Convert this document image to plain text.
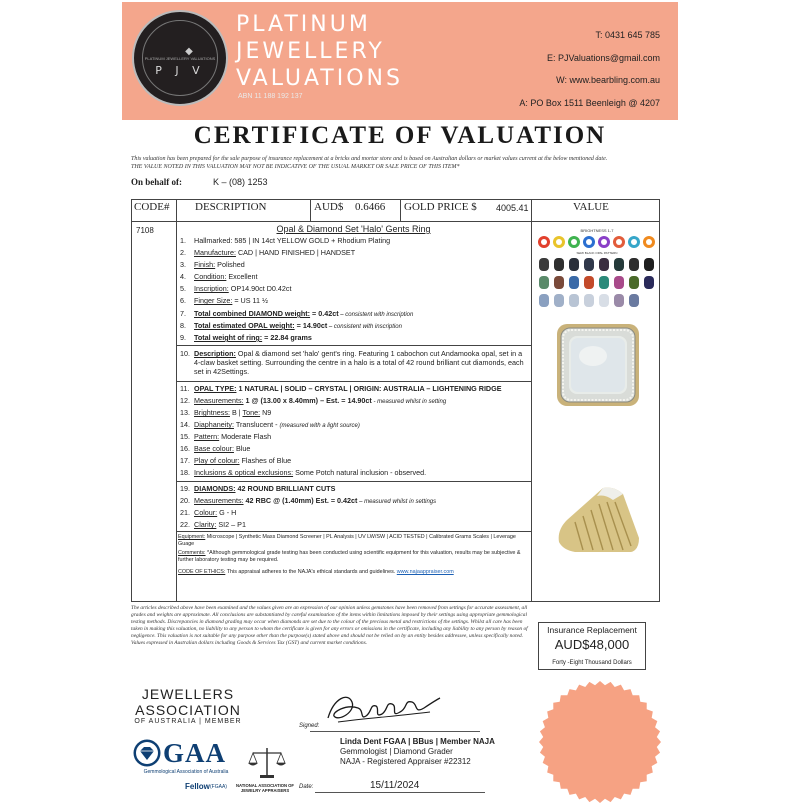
◆
PLATINUM JEWELLERY VALUATIONS
P J V
PLATINUM
JEWELLERY
VALUATIONS
ABN 11 188 192 137
T: 0431 645 785
E: PJValuations@gmail.com
W: www.bearbling.com.au
A: PO Box 1511 Beenleigh @ 4207
CERTIFICATE OF VALUATION
This valuation has been prepared for the sale purpose of insurance replacement at a bricks and mortar store and is based on Australian dollars or market values current at the below mentioned date.
THE VALUE NOTED IN THIS VALUATION MAY NOT BE INDICATIVE OF THE USUAL MARKET OR SALE PRICE OF THIS ITEM*
On behalf of:	K – (08) 1253
CODE# DESCRIPTION	AUD$ 0.6466 GOLD PRICE $ 4005.41	VALUE
7108	Opal & Diamond Set 'Halo' Gents Ring
1. Hallmarked: 585 | IN 14ct YELLOW GOLD + Rhodium Plating
2. Manufacture: CAD | HAND FINISHED | HANDSET
3. Finish: Polished
4. Condition: Excellent
5. Inscription: OP14.90ct D0.42ct
6. Finger Size: = US 11 ½
7. Total combined DIAMOND weight: = 0.42ct – consistent with inscription
8. Total estimated OPAL weight: = 14.90ct – consistent with inscription
9. Total weight of ring: = 22.84 grams
10. Description: Opal & diamond set 'halo' gent's ring. Featuring 1 cabochon cut Andamooka opal, set in a 4-claw basket setting. Surrounding the centre in a halo is a total of 42 round brilliant cut diamonds, each set in 42Settings.
11. OPAL TYPE: 1 NATURAL | SOLID – CRYSTAL | ORIGIN: AUSTRALIA – LIGHTENING RIDGE
12. Measurements: 1 @ (13.00 x 8.40mm) – Est. = 14.90ct - measured whilst in setting
13. Brightness: B | Tone: N9
14. Diaphaneity: Translucent - (measured with a light source)
15. Pattern: Moderate Flash
16. Base colour: Blue
17. Play of colour: Flashes of Blue
18. Inclusions & optical exclusions: Some Potch natural inclusion - observed.
19. DIAMONDS: 42 ROUND BRILLIANT CUTS
20. Measurements: 42 RBC @ (1.40mm) Est. = 0.42ct – measured whilst in settings
21. Colour: G - H
22. Clarity: SI2 – P1
Equipment: Microscope | Synthetic Mass Diamond Screener | PL Analysis | UV LW/SW | ACID TESTED | Calibrated Grams Scales | Leverage Guage
Comments: *Although gemmological grade testing has been conducted using scientific equipment for this valuation, results may be subjective & further laboratory testing may be required.
CODE OF ETHICS: This appraisal adheres to the NAJA's ethical standards and guidelines. www.najaappraiser.com
BRIGHTNESS 1-7
SEMI BLACK OPAL PATTERN
The articles described above have been examined and the values given are an expression of our opinion unless gemstones have been removed from settings for accurate assessment, all grades and weights are approximate. All conclusions are substantiated by careful examination of the items within limitations imposed by their settings using appropriate gemmological testing methods. Discrepancies in diamond grading may occur when diamonds are set due to the colour of the precious metal and restrictions of the settings. Whilst all care has been taken in making this valuation, no liability to any person to whom the certificate is given for any errors or omissions in the certificate, including any liability to any person by reason of negligence. This valuation is not suitable for any purpose other than the purpose(s) stated above and should not be relied on by an entity besides addressee, unless specifically noted. Values expressed in Australian dollars including Goods & Services Tax (GST) and current market conditions.
Insurance Replacement
AUD$48,000
Forty -Eight Thousand Dollars
JEWELLERS
ASSOCIATION
OF AUSTRALIA | MEMBER
GAA
Gemmological Association of Australia
Fellow (FGAA)	NATIONAL ASSOCIATION OF JEWELRY APPRAISERS
Signed:
Linda Dent FGAA | BBus | Member NAJA
Gemmologist | Diamond Grader
NAJA - Registered Appraiser #22312
Date:	15/11/2024
